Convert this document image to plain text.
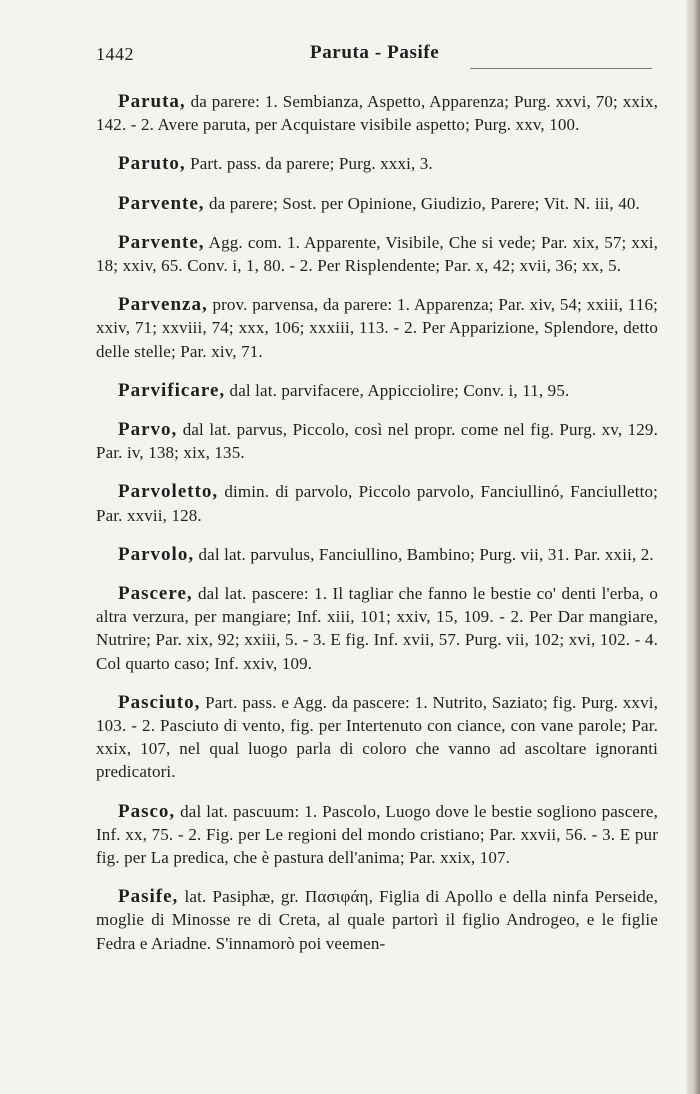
1442	Paruta - Pasife

Paruta, da parere: 1. Sembianza, Aspetto, Apparenza; Purg. xxvi, 70; xxix, 142. - 2. Avere paruta, per Acquistare visibile aspetto; Purg. xxv, 100.

Paruto, Part. pass. da parere; Purg. xxxi, 3.

Parvente, da parere; Sost. per Opinione, Giudizio, Parere; Vit. N. iii, 40.

Parvente, Agg. com. 1. Apparente, Visibile, Che si vede; Par. xix, 57; xxi, 18; xxiv, 65. Conv. i, 1, 80. - 2. Per Risplendente; Par. x, 42; xvii, 36; xx, 5.

Parvenza, prov. parvensa, da parere: 1. Apparenza; Par. xiv, 54; xxiii, 116; xxiv, 71; xxviii, 74; xxx, 106; xxxiii, 113. - 2. Per Apparizione, Splendore, detto delle stelle; Par. xiv, 71.

Parvificare, dal lat. parvifacere, Appicciolire; Conv. i, 11, 95.

Parvo, dal lat. parvus, Piccolo, così nel propr. come nel fig. Purg. xv, 129. Par. iv, 138; xix, 135.

Parvoletto, dimin. di parvolo, Piccolo parvolo, Fanciullinó, Fanciulletto; Par. xxvii, 128.

Parvolo, dal lat. parvulus, Fanciullino, Bambino; Purg. vii, 31. Par. xxii, 2.

Pascere, dal lat. pascere: 1. Il tagliar che fanno le bestie co' denti l'erba, o altra verzura, per mangiare; Inf. xiii, 101; xxiv, 15, 109. - 2. Per Dar mangiare, Nutrire; Par. xix, 92; xxiii, 5. - 3. E fig. Inf. xvii, 57. Purg. vii, 102; xvi, 102. - 4. Col quarto caso; Inf. xxiv, 109.

Pasciuto, Part. pass. e Agg. da pascere: 1. Nutrito, Saziato; fig. Purg. xxvi, 103. - 2. Pasciuto di vento, fig. per Intertenuto con ciance, con vane parole; Par. xxix, 107, nel qual luogo parla di coloro che vanno ad ascoltare ignoranti predicatori.

Pasco, dal lat. pascuum: 1. Pascolo, Luogo dove le bestie sogliono pascere, Inf. xx, 75. - 2. Fig. per Le regioni del mondo cristiano; Par. xxvii, 56. - 3. E pur fig. per La predica, che è pastura dell'anima; Par. xxix, 107.

Pasife, lat. Pasiphæ, gr. Πασιφάη, Figlia di Apollo e della ninfa Perseide, moglie di Minosse re di Creta, al quale partorì il figlio Androgeo, e le figlie Fedra e Ariadne. S'innamorò poi veemen-
